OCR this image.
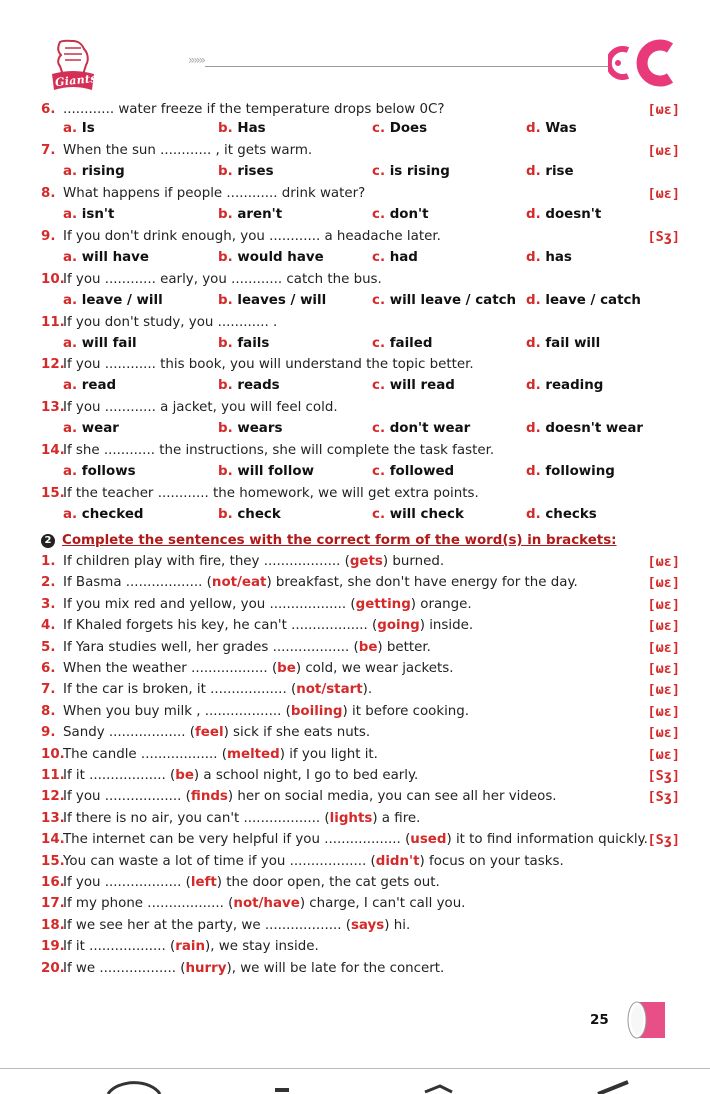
Giants
»»»
6. ............ water freeze if the temperature drops below 0C?	[ωε]
a. Is	b. Has	c. Does	d. Was
7. When the sun ............ , it gets warm.	[ωε]
a. rising	b. rises	c. is rising	d. rise
8. What happens if people ............ drink water?	[ωε]
a. isn't	b. aren't	c. don't	d. doesn't
9. If you don't drink enough, you ............ a headache later.	[Sʒ]
a. will have	b. would have	c. had	d. has
10.
If you ............ early, you ............ catch the bus.
a. leave / will	b. leaves / will	c. will leave / catch d. leave / catch
11.
If you don't study, you ............ .
a. will fail	b. fails	c. failed	d. fail will
12.
If you ............ this book, you will understand the topic better.
a. read	b. reads	c. will read	d. reading
13.
If you ............ a jacket, you will feel cold.
a. wear	b. wears	c. don't wear	d. doesn't wear
14.
If she ............ the instructions, she will complete the task faster.
a. follows	b. will follow	c. followed	d. following
15.
If the teacher ............ the homework, we will get extra points.
a. checked	b. check	c. will check	d. checks
2 Complete the sentences with the correct form of the word(s) in brackets:
1. If children play with fire, they .................. (gets) burned.	[ωε]
2. If Basma .................. (not/eat) breakfast, she don't have energy for the day.	[ωε]
3. If you mix red and yellow, you .................. (getting) orange.	[ωε]
4. If Khaled forgets his key, he can't .................. (going) inside.	[ωε]
5. If Yara studies well, her grades .................. (be) better.	[ωε]
6. When the weather .................. (be) cold, we wear jackets.	[ωε]
7. If the car is broken, it .................. (not/start).	[ωε]
8. When you buy milk , .................. (boiling) it before cooking.	[ωε]
9. Sandy .................. (feel) sick if she eats nuts.	[ωε]
10.
The candle .................. (melted) if you light it.	[ωε]
11.
If it .................. (be) a school night, I go to bed early.	[Sʒ]
12.
If you .................. (finds) her on social media, you can see all her videos.	[Sʒ]
13.
If there is no air, you can't .................. (lights) a fire.
14.
The internet can be very helpful if you .................. (used) it to find information quickly. [Sʒ]
15.
You can waste a lot of time if you .................. (didn't) focus on your tasks.
16.
If you .................. (left) the door open, the cat gets out.
17.
If my phone .................. (not/have) charge, I can't call you.
18.
If we see her at the party, we .................. (says) hi.
19.
If it .................. (rain), we stay inside.
20.
If we .................. (hurry), we will be late for the concert.
25
